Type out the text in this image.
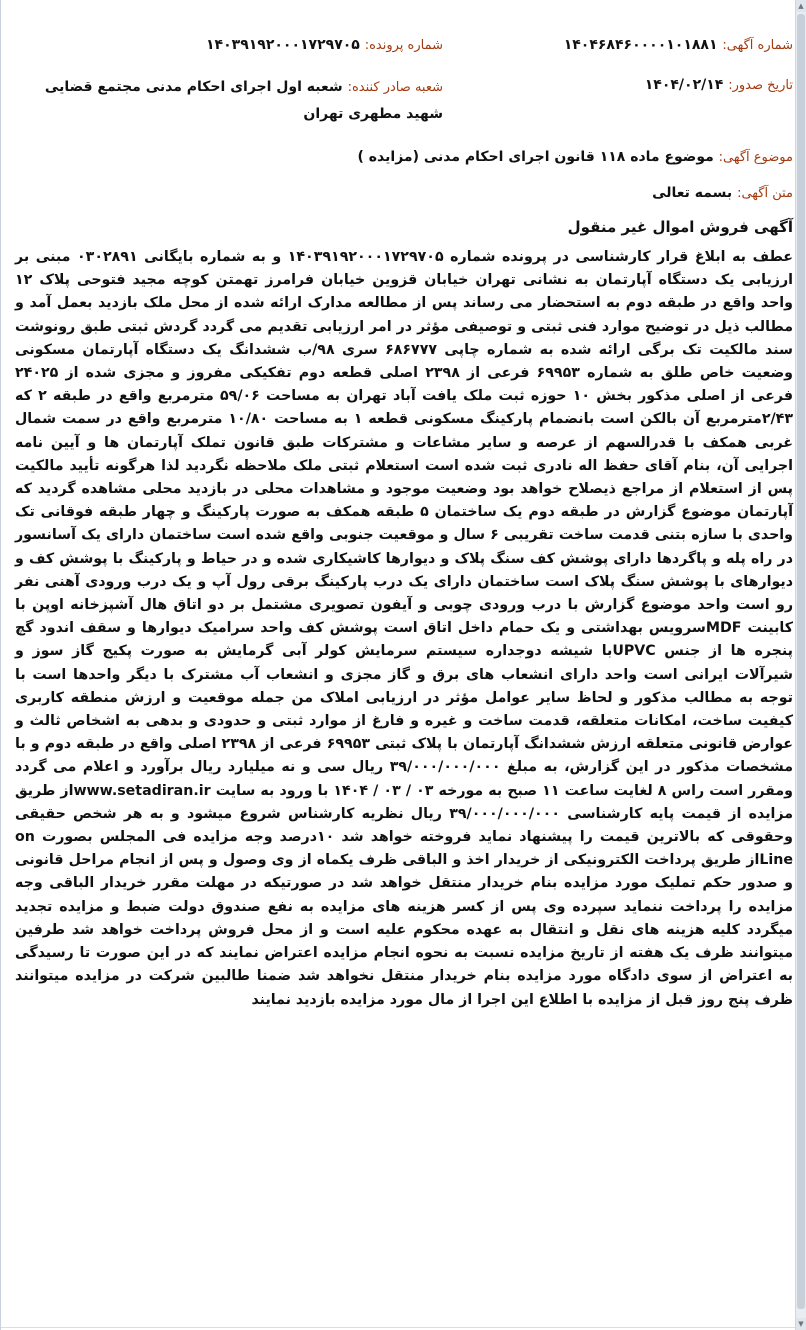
شماره آگهی: ۱۴۰۴۶۸۴۶۰۰۰۰۱۰۱۸۸۱
شماره پرونده: ۱۴۰۳۹۱۹۲۰۰۰۱۷۲۹۷۰۵
تاریخ صدور: ۱۴۰۴/۰۲/۱۴
شعبه صادر کننده: شعبه اول اجرای احکام مدنی مجتمع قضایی شهید مطهری تهران
موضوع آگهی: موضوع ماده ۱۱۸ قانون اجرای احکام مدنی (مزایده )
متن آگهی: بسمه تعالی
آگهی فروش اموال غیر منقول
عطف به ابلاغ قرار کارشناسی در پرونده شماره ۱۴۰۳۹۱۹۲۰۰۰۱۷۲۹۷۰۵ و به شماره بایگانی ۰۳۰۲۸۹۱ مبنی بر ارزیابی یک دستگاه آپارتمان به نشانی تهران خیابان قزوین خیابان فرامرز تهمتن کوچه مجید فتوحی پلاک ۱۲ واحد واقع در طبقه دوم به استحضار می رساند پس از مطالعه مدارک ارائه شده از محل ملک بازدید بعمل آمد و مطالب ذیل در توضیح موارد فنی ثبتی و توصیفی مؤثر در امر ارزیابی تقدیم می گردد گردش ثبتی طبق رونوشت سند مالکیت تک برگی ارائه شده به شماره چاپی ۶۸۶۷۷۷ سری ۹۸/ب ششدانگ یک دستگاه آپارتمان مسکونی وضعیت خاص طلق به شماره ۶۹۹۵۳ فرعی از ۲۳۹۸ اصلی قطعه دوم تفکیکی مفروز و مجزی شده از ۲۴۰۲۵ فرعی از اصلی مذکور بخش ۱۰ حوزه ثبت ملک یافت آباد تهران به مساحت ۵۹/۰۶ مترمربع واقع در طبقه ۲ که ۲/۴۳مترمربع آن بالکن است بانضمام پارکینگ مسکونی قطعه ۱ به مساحت ۱۰/۸۰ مترمربع واقع در سمت شمال غربی همکف با قدرالسهم از عرصه و سایر مشاعات و مشترکات طبق قانون تملک آپارتمان ها و آیین نامه اجرایی آن، بنام آقای حفظ اله نادری ثبت شده است استعلام ثبتی ملک ملاحظه نگردید لذا هرگونه تأیید مالکیت پس از استعلام از مراجع ذیصلاح خواهد بود وضعیت موجود و مشاهدات محلی در بازدید محلی مشاهده گردید که آپارتمان موضوع گزارش در طبقه دوم یک ساختمان ۵ طبقه همکف به صورت پارکینگ و چهار طبقه فوقانی تک واحدی با سازه بتنی قدمت ساخت تقریبی ۶ سال و موقعیت جنوبی واقع شده است ساختمان دارای یک آسانسور در راه پله و پاگردها دارای پوشش کف سنگ پلاک و دیوارها کاشیکاری شده و در حیاط و پارکینگ با پوشش کف و دیوارهای با پوشش سنگ پلاک است ساختمان دارای یک درب پارکینگ برقی رول آپ و یک درب ورودی آهنی نفر رو است واحد موضوع گزارش با درب ورودی چوبی و آیفون تصویری مشتمل بر دو اتاق هال آشپزخانه اوپن با کابینت MDFسرویس بهداشتی و یک حمام داخل اتاق است پوشش کف واحد سرامیک دیوارها و سقف اندود گچ پنجره ها از جنس UPVCبا شیشه دوجداره سیستم سرمایش کولر آبی گرمایش به صورت پکیج گاز سوز و شیرآلات ایرانی است واحد دارای انشعاب های برق و گاز مجزی و انشعاب آب مشترک با دیگر واحدها است با توجه به مطالب مذکور و لحاظ سایر عوامل مؤثر در ارزیابی املاک من جمله موقعیت و ارزش منطقه کاربری کیفیت ساخت، امکانات متعلقه، قدمت ساخت و غیره و فارغ از موارد ثبتی و حدودی و بدهی به اشخاص ثالث و عوارض قانونی متعلقه ارزش ششدانگ آپارتمان با پلاک ثبتی ۶۹۹۵۳ فرعی از ۲۳۹۸ اصلی واقع در طبقه دوم و با مشخصات مذکور در این گزارش، به مبلغ ۳۹/۰۰۰/۰۰۰/۰۰۰ ریال سی و نه میلیارد ریال برآورد و اعلام می گردد ومقرر است راس ۸ لغایت ساعت ۱۱ صبح به مورخه ۰۳ / ۰۳ / ۱۴۰۴ با ورود به سایت www.setadiran.irاز طریق مزایده از قیمت پایه کارشناسی ۳۹/۰۰۰/۰۰۰/۰۰۰ ریال نظریه کارشناس شروع میشود و به هر شخص حقیقی وحقوقی که بالاترین قیمت را پیشنهاد نماید فروخته خواهد شد ۱۰درصد وجه مزایده فی المجلس بصورت on Lineاز طریق پرداخت الکترونیکی از خریدار اخذ و الباقی ظرف یکماه از وی وصول و پس از انجام مراحل قانونی و صدور حکم تملیک مورد مزایده بنام خریدار منتقل خواهد شد در صورتیکه در مهلت مقرر خریدار الباقی وجه مزایده را پرداخت ننماید سپرده وی پس از کسر هزینه های مزایده به نفع صندوق دولت ضبط و مزایده تجدید میگردد کلیه هزینه های نقل و انتقال به عهده محکوم علیه است و از محل فروش پرداخت خواهد شد طرفین میتوانند ظرف یک هفته از تاریخ مزایده نسبت به نحوه انجام مزایده اعتراض نمایند که در این صورت تا رسیدگی به اعتراض از سوی دادگاه مورد مزایده بنام خریدار منتقل نخواهد شد ضمنا طالبین شرکت در مزایده میتوانند ظرف پنج روز قبل از مزایده با اطلاع این اجرا از مال مورد مزایده بازدید نمایند
▲
▼
